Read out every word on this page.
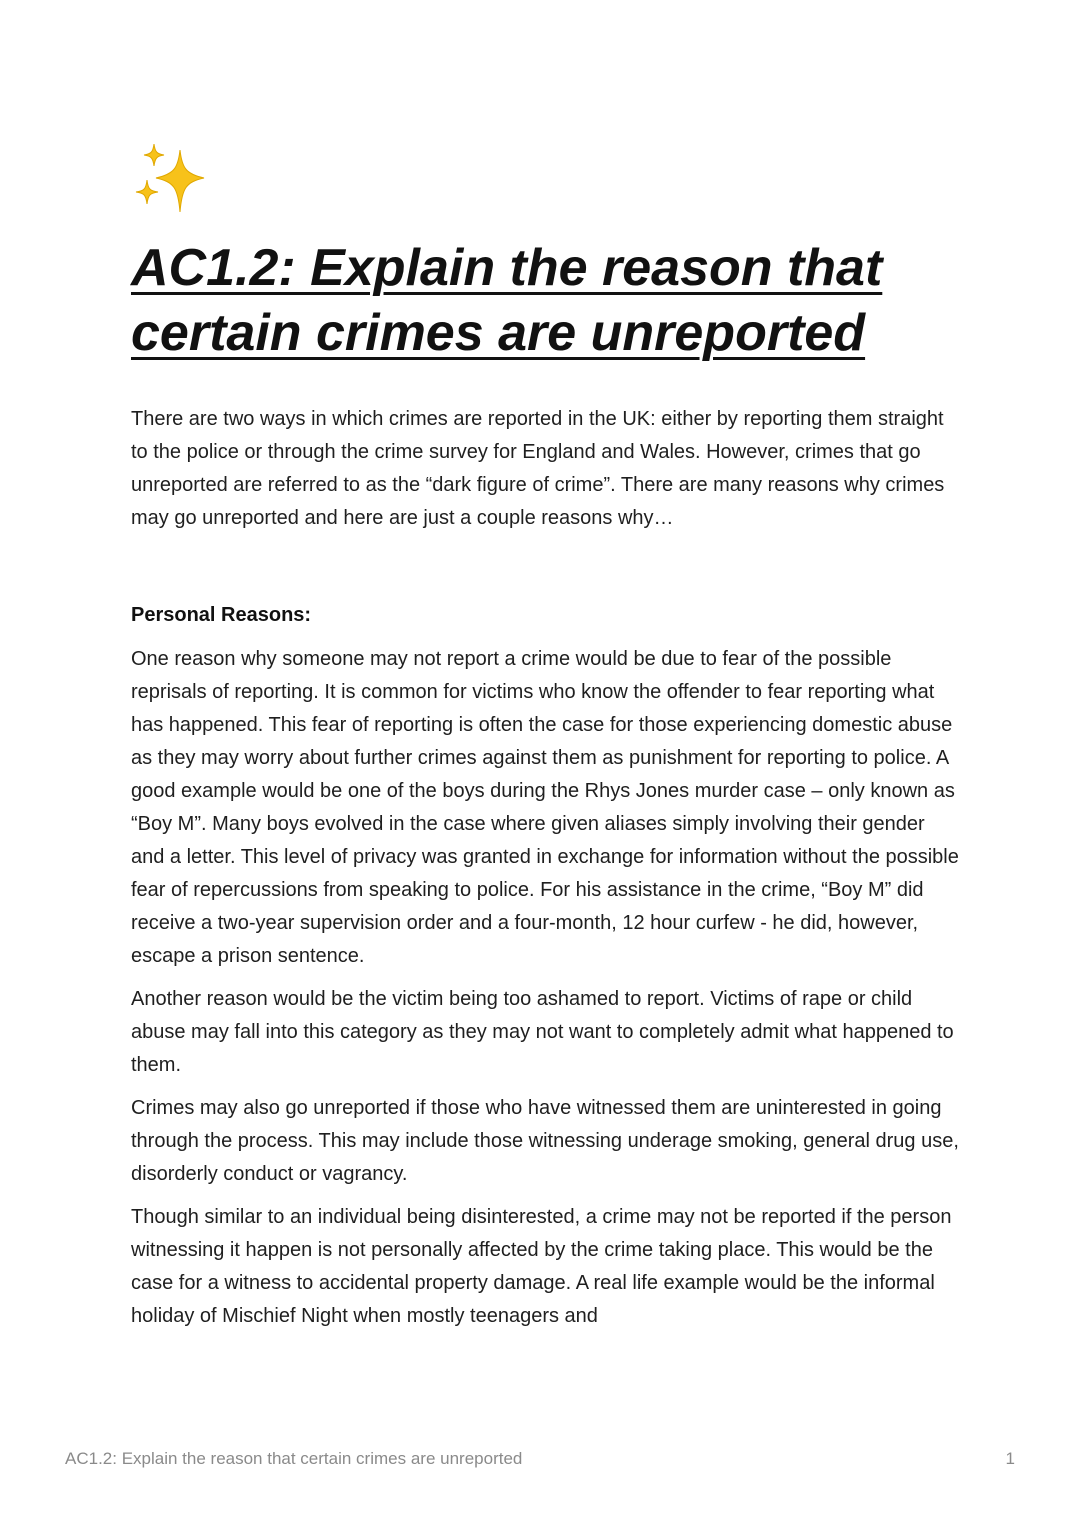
AC1.2: Explain the reason that certain crimes are unreported

There are two ways in which crimes are reported in the UK: either by reporting them straight to the police or through the crime survey for England and Wales. However, crimes that go unreported are referred to as the “dark figure of crime”. There are many reasons why crimes may go unreported and here are just a couple reasons why…

Personal Reasons:

One reason why someone may not report a crime would be due to fear of the possible reprisals of reporting. It is common for victims who know the offender to fear reporting what has happened. This fear of reporting is often the case for those experiencing domestic abuse as they may worry about further crimes against them as punishment for reporting to police. A good example would be one of the boys during the Rhys Jones murder case – only known as “Boy M”. Many boys evolved in the case where given aliases simply involving their gender and a letter. This level of privacy was granted in exchange for information without the possible fear of repercussions from speaking to police. For his assistance in the crime, “Boy M” did receive a two-year supervision order and a four-month, 12 hour curfew - he did, however, escape a prison sentence.

Another reason would be the victim being too ashamed to report. Victims of rape or child abuse may fall into this category as they may not want to completely admit what happened to them.

Crimes may also go unreported if those who have witnessed them are uninterested in going through the process. This may include those witnessing underage smoking, general drug use, disorderly conduct or vagrancy.

Though similar to an individual being disinterested, a crime may not be reported if the person witnessing it happen is not personally affected by the crime taking place. This would be the case for a witness to accidental property damage. A real life example would be the informal holiday of Mischief Night when mostly teenagers and

AC1.2: Explain the reason that certain crimes are unreported	1
